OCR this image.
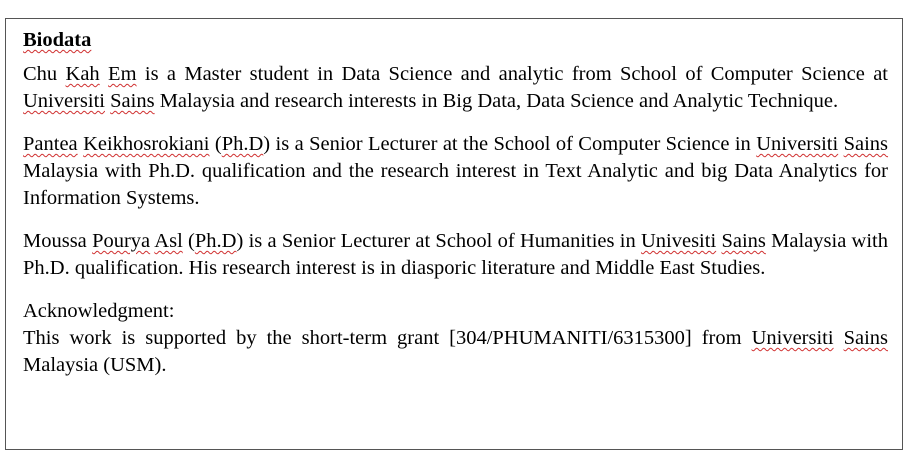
Biodata

Chu Kah Em is a Master student in Data Science and analytic from School of Computer Science at Universiti Sains Malaysia and research interests in Big Data, Data Science and Analytic Technique.

Pantea Keikhosrokiani (Ph.D) is a Senior Lecturer at the School of Computer Science in Universiti Sains Malaysia with Ph.D. qualification and the research interest in Text Analytic and big Data Analytics for Information Systems.

Moussa Pourya Asl (Ph.D) is a Senior Lecturer at School of Humanities in Univesiti Sains Malaysia with Ph.D. qualification. His research interest is in diasporic literature and Middle East Studies.

Acknowledgment:
This work is supported by the short-term grant [304/PHUMANITI/6315300] from Universiti Sains Malaysia (USM).
